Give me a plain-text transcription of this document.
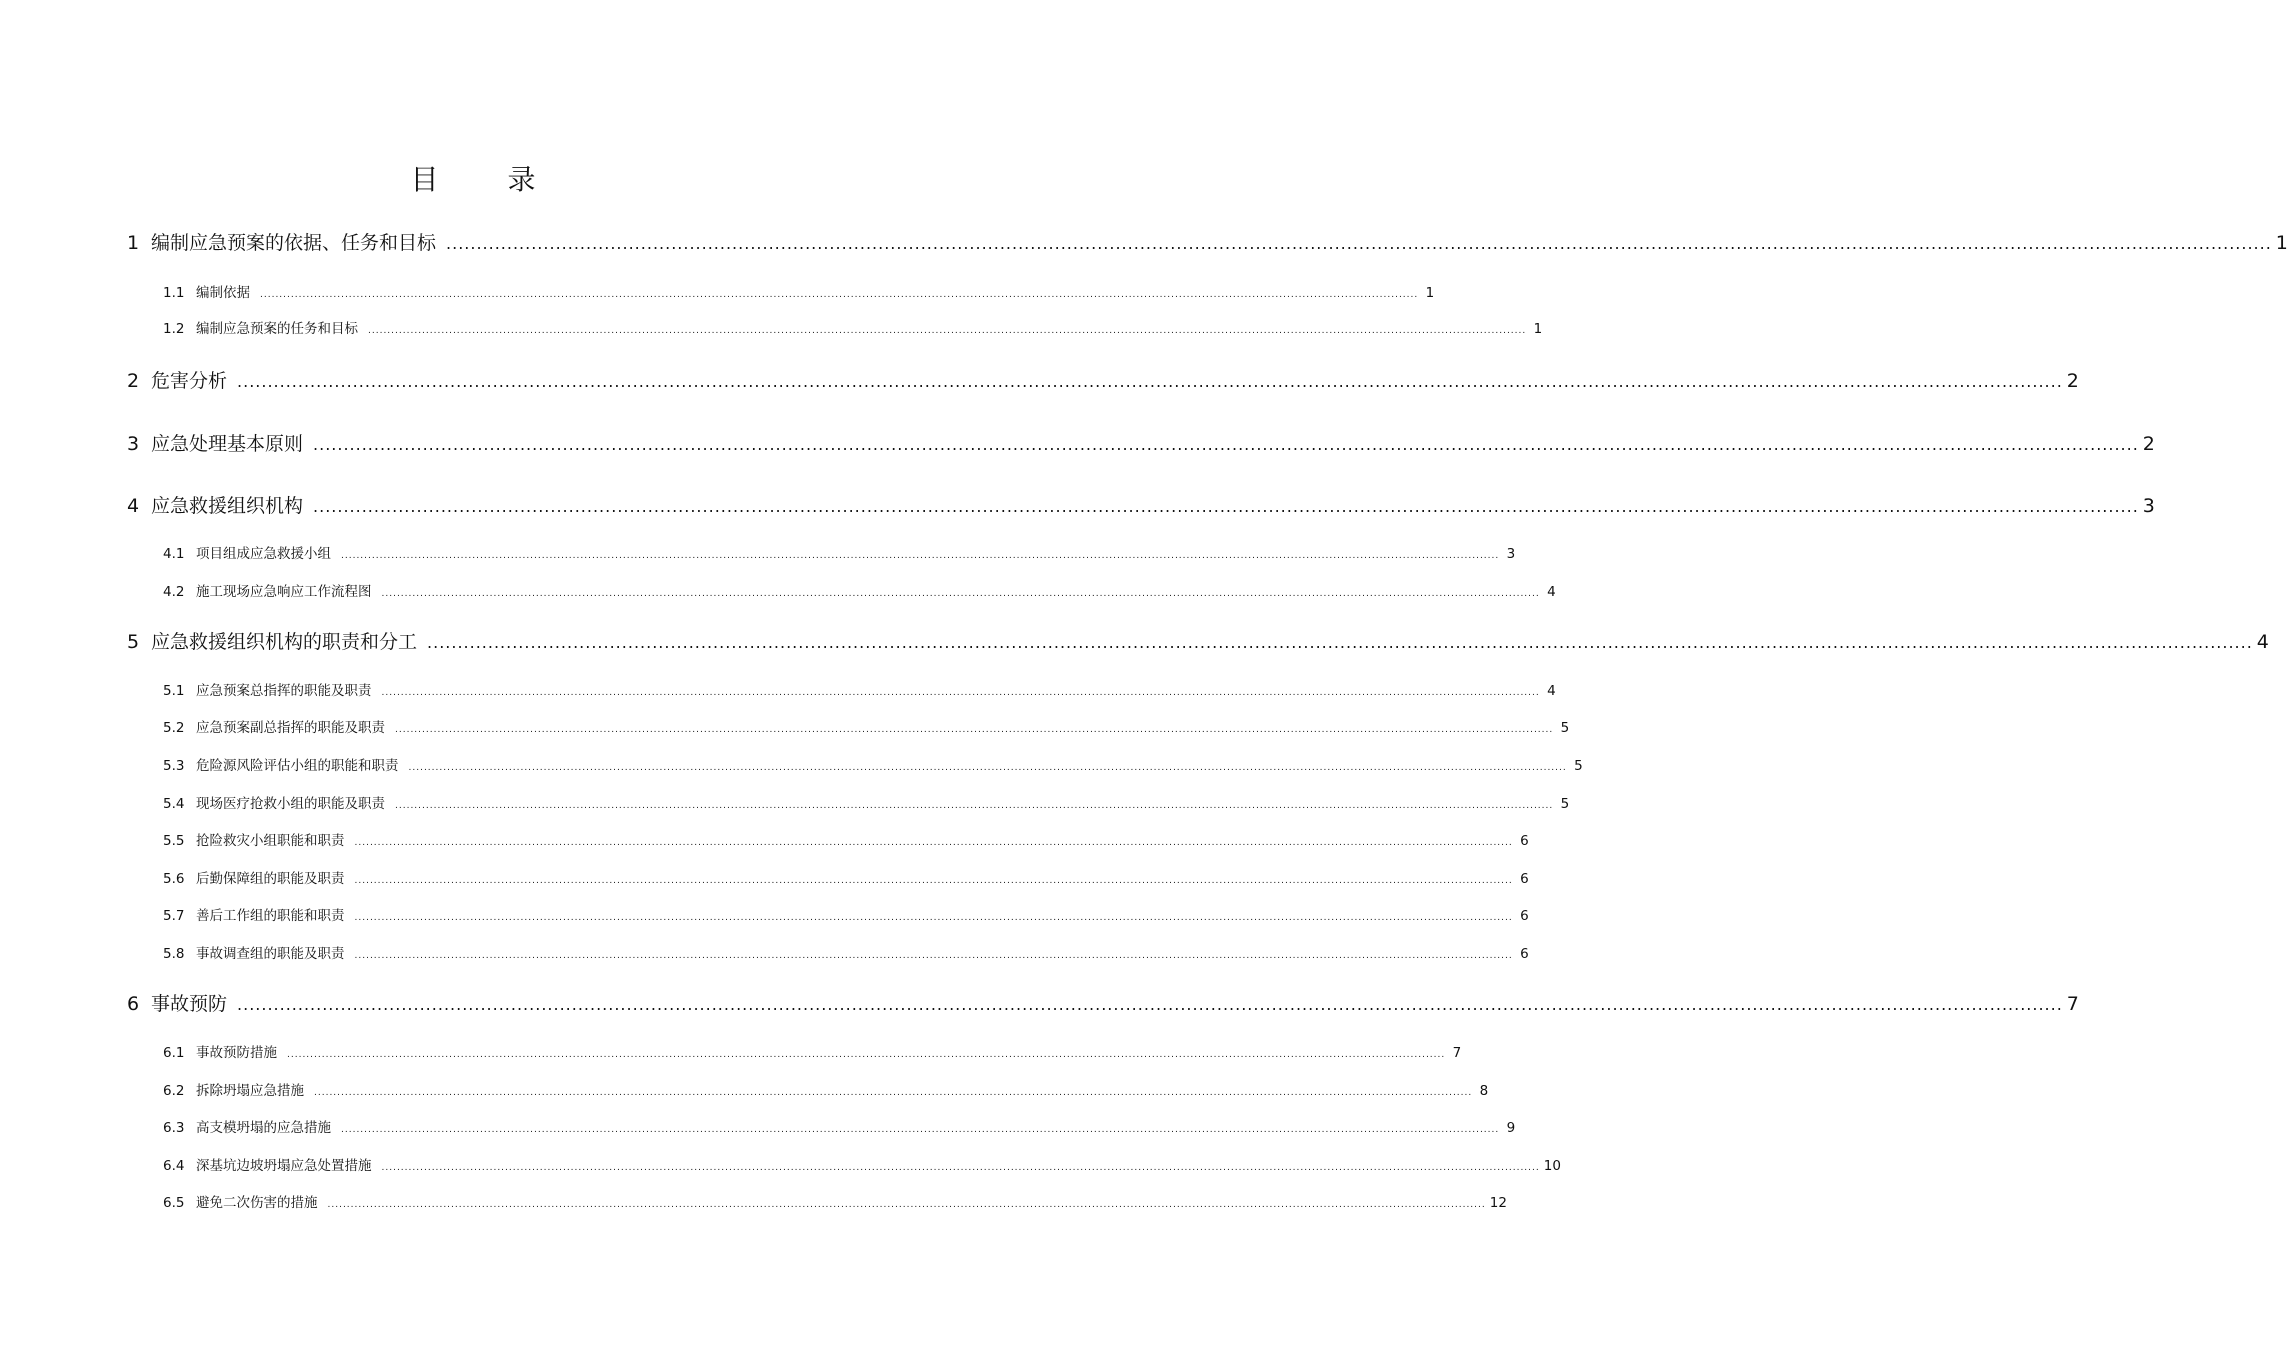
目 录
1 编制应急预案的依据、任务和目标 ............................................................................................................................................................................................................................................................................................................ 1
1.1 编制依据 ............................................................................................................................................................................................................................................................................................................ 1
1.2 编制应急预案的任务和目标 ............................................................................................................................................................................................................................................................................................................ 1
2 危害分析 ............................................................................................................................................................................................................................................................................................................ 2
3 应急处理基本原则 ............................................................................................................................................................................................................................................................................................................ 2
4 应急救援组织机构 ............................................................................................................................................................................................................................................................................................................ 3
4.1 项目组成应急救援小组 ............................................................................................................................................................................................................................................................................................................ 3
4.2 施工现场应急响应工作流程图 ............................................................................................................................................................................................................................................................................................................ 4
5 应急救援组织机构的职责和分工 ............................................................................................................................................................................................................................................................................................................ 4
5.1 应急预案总指挥的职能及职责 ............................................................................................................................................................................................................................................................................................................ 4
5.2 应急预案副总指挥的职能及职责 ............................................................................................................................................................................................................................................................................................................ 5
5.3 危险源风险评估小组的职能和职责 ............................................................................................................................................................................................................................................................................................................ 5
5.4 现场医疗抢救小组的职能及职责 ............................................................................................................................................................................................................................................................................................................ 5
5.5 抢险救灾小组职能和职责 ............................................................................................................................................................................................................................................................................................................ 6
5.6 后勤保障组的职能及职责 ............................................................................................................................................................................................................................................................................................................ 6
5.7 善后工作组的职能和职责 ............................................................................................................................................................................................................................................................................................................ 6
5.8 事故调查组的职能及职责 ............................................................................................................................................................................................................................................................................................................ 6
6 事故预防 ............................................................................................................................................................................................................................................................................................................ 7
6.1 事故预防措施 ............................................................................................................................................................................................................................................................................................................ 7
6.2 拆除坍塌应急措施 ............................................................................................................................................................................................................................................................................................................ 8
6.3 高支模坍塌的应急措施 ............................................................................................................................................................................................................................................................................................................ 9
6.4 深基坑边坡坍塌应急处置措施 ............................................................................................................................................................................................................................................................................................................ 10
6.5 避免二次伤害的措施 ............................................................................................................................................................................................................................................................................................................ 12
